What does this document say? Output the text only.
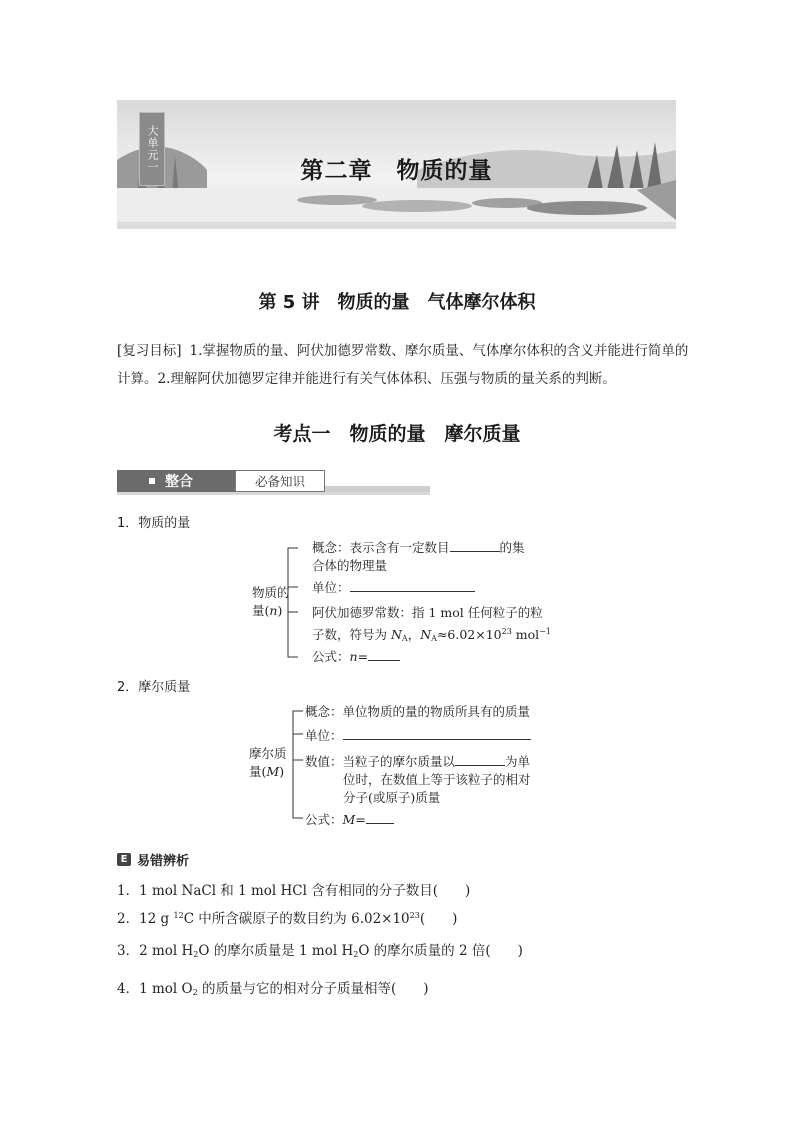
大单元一	第二章　物质的量
第 5 讲　物质的量　气体摩尔体积
[复习目标] 1.掌握物质的量、阿伏加德罗常数、摩尔质量、气体摩尔体积的含义并能进行简单的计算。2.理解阿伏加德罗定律并能进行有关气体体积、压强与物质的量关系的判断。
考点一　物质的量　摩尔质量
整合	必备知识
1．物质的量
物质的
量(n)
概念：表示含有一定数目	的集
合体的物理量
单位：
阿伏加德罗常数：指 1 mol 任何粒子的粒
子数，符号为 $N_A$，$N_A\approx 6.02\times 10^{23}$ mol$^{-1}$
公式：n=
2．摩尔质量
摩尔质
量(M)
概念：单位物质的量的物质所具有的质量
单位：
数值：当粒子的摩尔质量以	为单
位时，在数值上等于该粒子的相对
分子(或原子)质量
公式：M=
E 易错辨析
1．1 mol NaCl 和 1 mol HCl 含有相同的分子数目(　　)
2．12 g $^{12}$C 中所含碳原子的数目约为 $6.02\times 10^{23}$(　　)
3．2 mol $H_2O$ 的摩尔质量是 1 mol $H_2O$ 的摩尔质量的 2 倍(　　)
4．1 mol $O_2$ 的质量与它的相对分子质量相等(　　)
